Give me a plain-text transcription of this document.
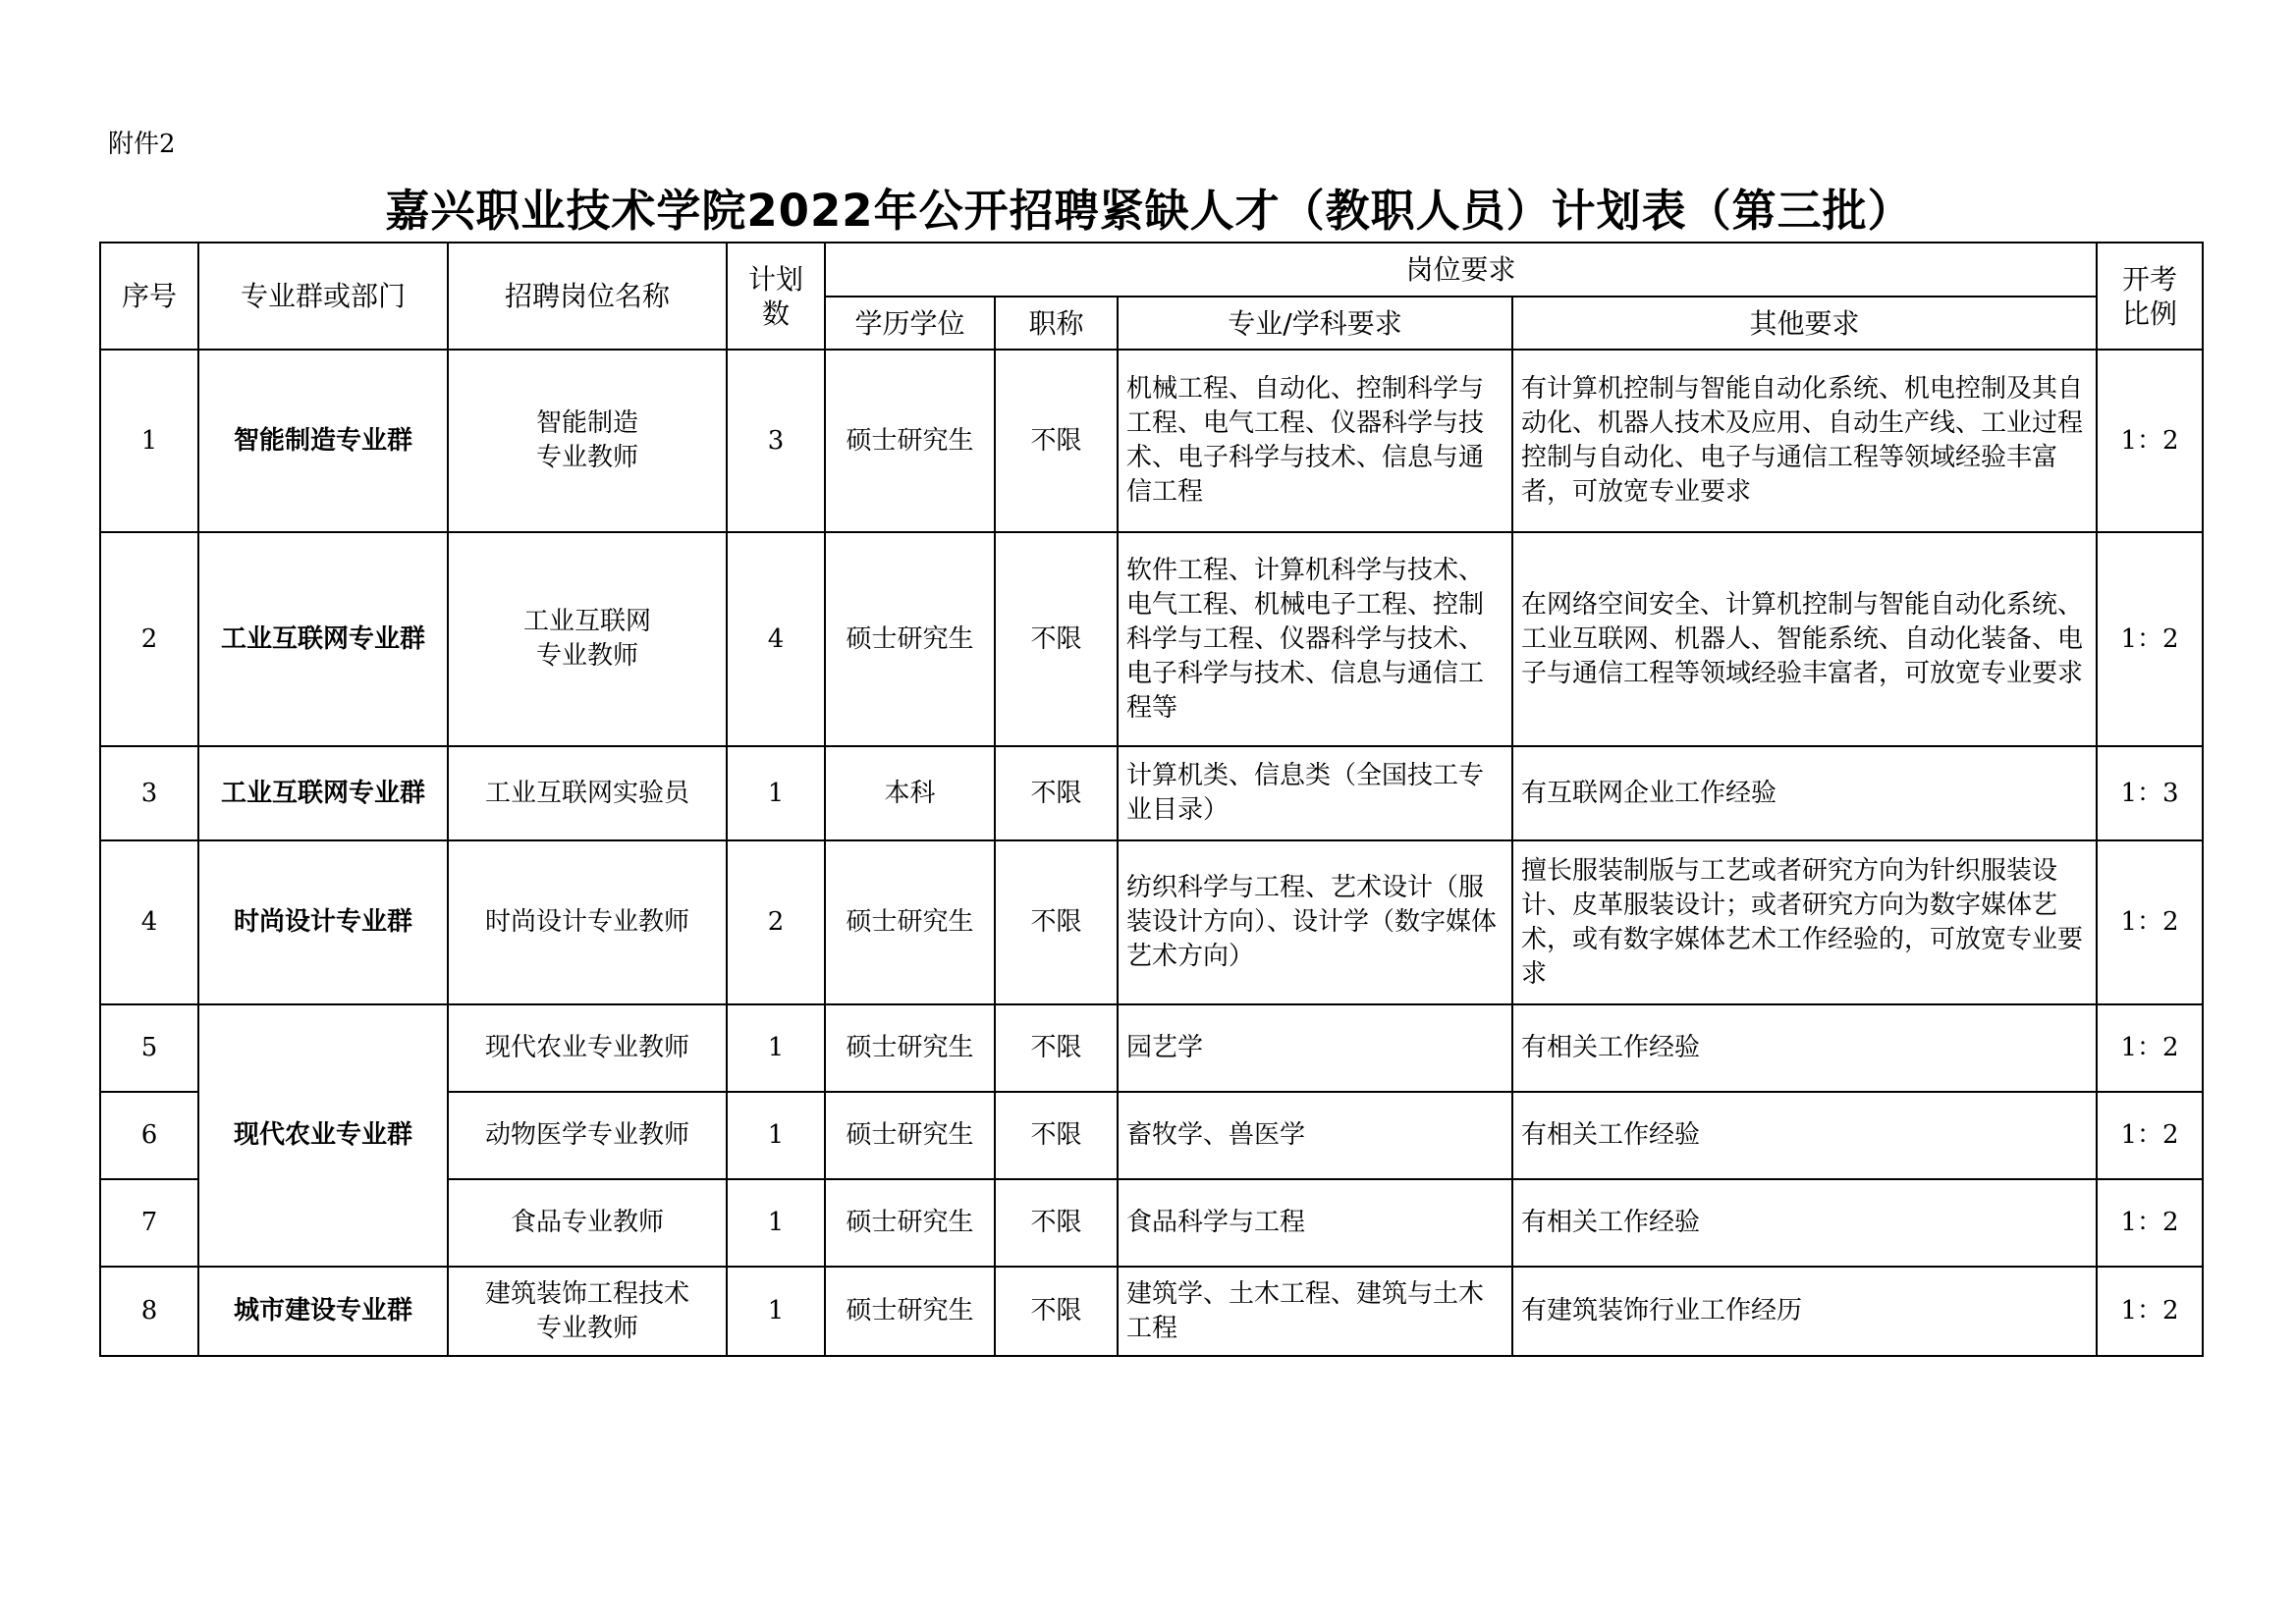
附件2
嘉兴职业技术学院2022年公开招聘紧缺人才（教职人员）计划表（第三批）
序号	专业群或部门	招聘岗位名称	计划
数	岗位要求				开考
比例
				学历学位	职称	专业/学科要求	其他要求	
1	智能制造专业群	智能制造
专业教师	3	硕士研究生	不限	机械工程、自动化、控制科学与工程、电气工程、仪器科学与技术、电子科学与技术、信息与通信工程	有计算机控制与智能自动化系统、机电控制及其自动化、机器人技术及应用、自动生产线、工业过程控制与自动化、电子与通信工程等领域经验丰富者，可放宽专业要求	1：2
2	工业互联网专业群	工业互联网
专业教师	4	硕士研究生	不限	软件工程、计算机科学与技术、电气工程、机械电子工程、控制科学与工程、仪器科学与技术、电子科学与技术、信息与通信工程等	在网络空间安全、计算机控制与智能自动化系统、工业互联网、机器人、智能系统、自动化装备、电子与通信工程等领域经验丰富者，可放宽专业要求	1：2
3	工业互联网专业群	工业互联网实验员	1	本科	不限	计算机类、信息类（全国技工专业目录）	有互联网企业工作经验	1：3
4	时尚设计专业群	时尚设计专业教师	2	硕士研究生	不限	纺织科学与工程、艺术设计（服装设计方向）、设计学（数字媒体艺术方向）	擅长服装制版与工艺或者研究方向为针织服装设计、皮革服装设计；或者研究方向为数字媒体艺术，或有数字媒体艺术工作经验的，可放宽专业要求	1：2
5	现代农业专业群	现代农业专业教师	1	硕士研究生	不限	园艺学	有相关工作经验	1：2
6		动物医学专业教师	1	硕士研究生	不限	畜牧学、兽医学	有相关工作经验	1：2
7		食品专业教师	1	硕士研究生	不限	食品科学与工程	有相关工作经验	1：2
8	城市建设专业群	建筑装饰工程技术
专业教师	1	硕士研究生	不限	建筑学、土木工程、建筑与土木工程	有建筑装饰行业工作经历	1：2
